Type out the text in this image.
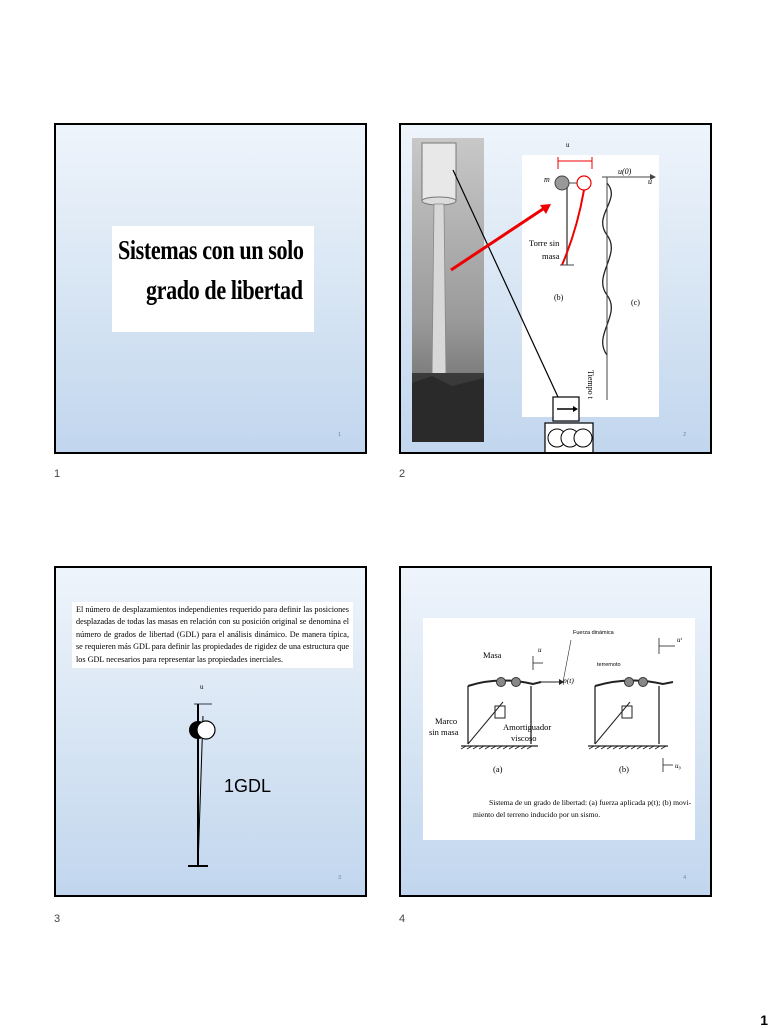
Sistemas con un solo
grado de libertad
1
1
m
u(0)
u
Torre sin
masa
(b)
(c)
Tiempo t
u
2
2
El número de desplazamientos independientes requerido para definir las posiciones desplazadas de todas las masas en relación con su posición original se denomina el número de grados de libertad (GDL) para el análisis dinámico. De manera típica, se requieren más GDL para definir las propiedades de rigidez de una estructura que los GDL necesarios para representar las propiedades inerciales.
u
1GDL
3
3
Fuerza dinámica
terremoto
Masa	u
uᵗ
p(t)
Marco
sin masa	Amortiguador
viscoso
(a)	(b)	u₉
Sistema de un grado de libertad: (a) fuerza aplicada p(t); (b) movi-
miento del terreno inducido por un sismo.
4
4
1
